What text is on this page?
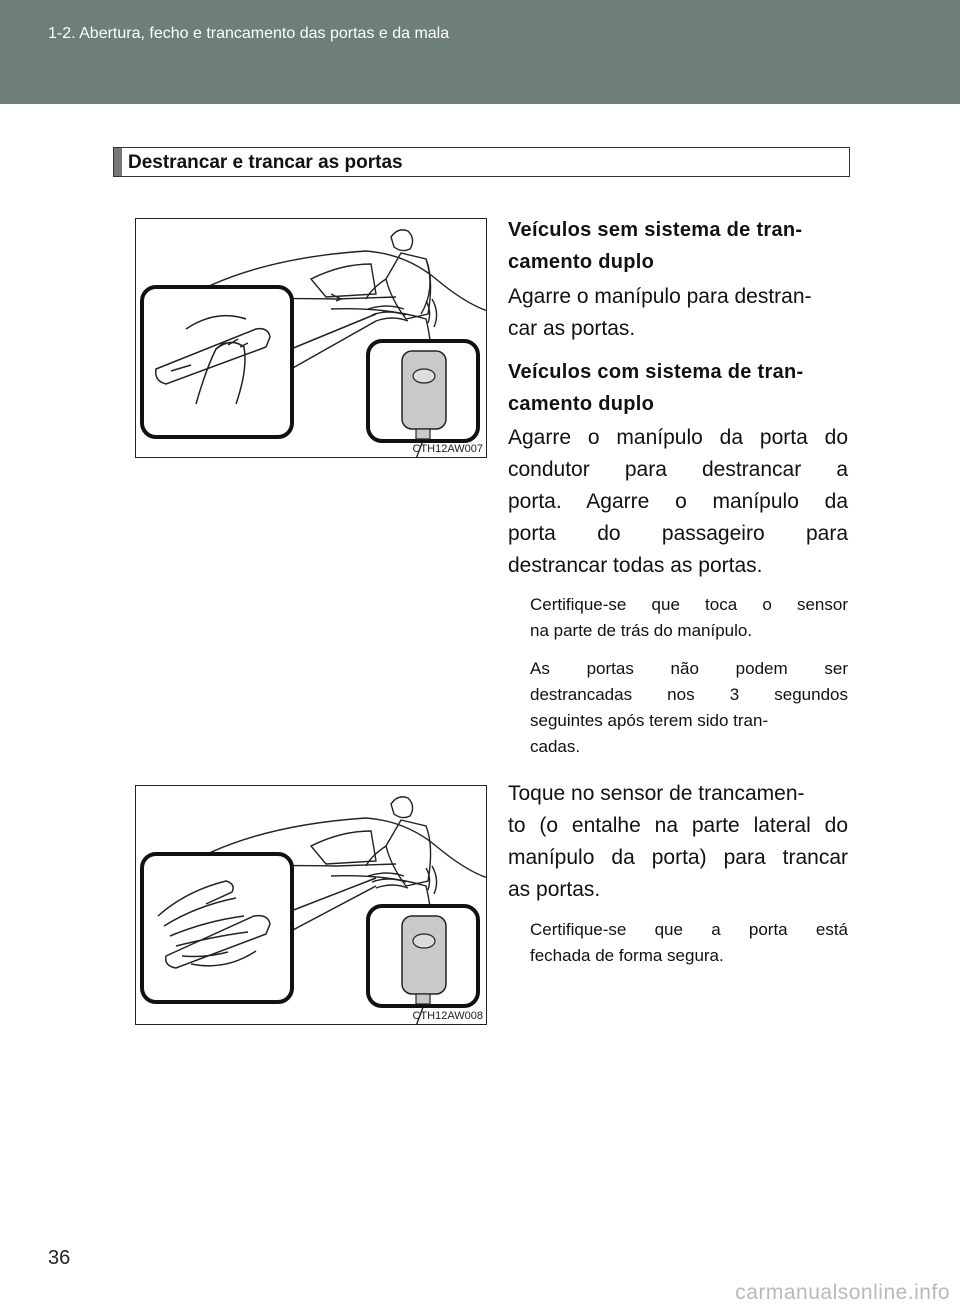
1-2. Abertura, fecho e trancamento das portas e da mala
Destrancar e trancar as portas
CTH12AW007
CTH12AW008
Veículos sem sistema de tran-
camento duplo
Agarre o manípulo para destran-
car as portas.
Veículos com sistema de tran-
camento duplo
Agarre o manípulo da porta do
condutor para destrancar a
porta. Agarre o manípulo da
porta do passageiro para
destrancar todas as portas.
Certifique-se que toca o sensor
na parte de trás do manípulo.
As portas não podem ser
destrancadas nos 3 segundos
seguintes após terem sido tran-
cadas.
Toque no sensor de trancamen-
to (o entalhe na parte lateral do
manípulo da porta) para trancar
as portas.
Certifique-se que a porta está
fechada de forma segura.
36
carmanualsonline.info
